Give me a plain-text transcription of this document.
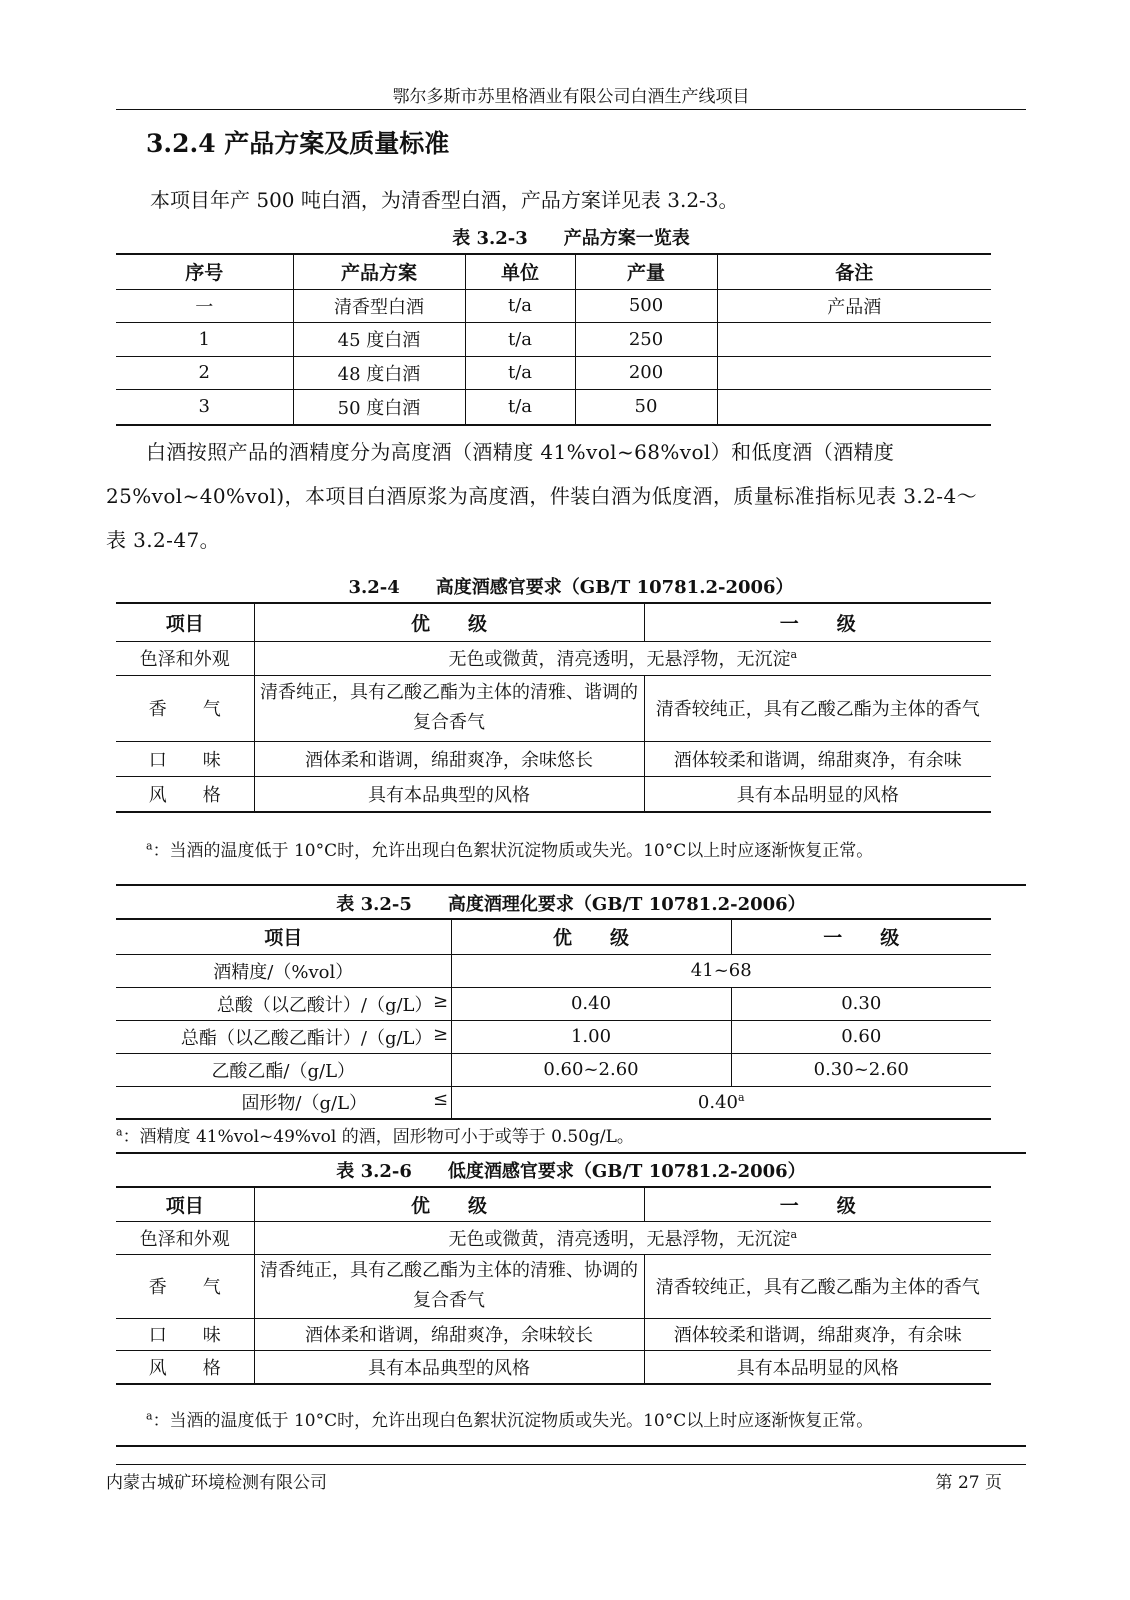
鄂尔多斯市苏里格酒业有限公司白酒生产线项目
3.2.4 产品方案及质量标准
本项目年产 500 吨白酒，为清香型白酒，产品方案详见表 3.2-3。
表 3.2-3 产品方案一览表
序号	产品方案	单位	产量	备注
一	清香型白酒	t/a	500	产品酒
1	45 度白酒	t/a	250	
2	48 度白酒	t/a	200	
3	50 度白酒	t/a	50	
白酒按照产品的酒精度分为高度酒（酒精度 41%vol~68%vol）和低度酒（酒精度
25%vol~40%vol)，本项目白酒原浆为高度酒，件装白酒为低度酒，质量标准指标见表 3.2-4～
表 3.2-47。
3.2-4 高度酒感官要求（GB/T 10781.2-2006）
项目	优　　级	一　　级
色泽和外观	无色或微黄，清亮透明，无悬浮物，无沉淀$^a$
香　　气	清香纯正，具有乙酸乙酯为主体的清雅、谐调的复合香气	清香较纯正，具有乙酸乙酯为主体的香气
口　　味	酒体柔和谐调，绵甜爽净，余味悠长	酒体较柔和谐调，绵甜爽净，有余味
风　　格	具有本品典型的风格	具有本品明显的风格
$^a$：当酒的温度低于 10°C时，允许出现白色絮状沉淀物质或失光。10°C以上时应逐渐恢复正常。
表 3.2-5 高度酒理化要求（GB/T 10781.2-2006）
项目	优　　级	一　　级
酒精度/（%vol）	41~68	

≥
总酸（以乙酸计）/（g/L）	0.40	0.30

≥
总酯（以乙酸乙酯计）/（g/L）	1.00	0.60
乙酸乙酯/（g/L）	0.60~2.60	0.30~2.60

≤
固形物/（g/L）	0.40$^a$
$^a$：酒精度 41%vol~49%vol 的酒，固形物可小于或等于 0.50g/L。
表 3.2-6 低度酒感官要求（GB/T 10781.2-2006）
项目	优　　级	一　　级
色泽和外观	无色或微黄，清亮透明，无悬浮物，无沉淀$^a$
香　　气	清香纯正，具有乙酸乙酯为主体的清雅、协调的复合香气	清香较纯正，具有乙酸乙酯为主体的香气
口　　味	酒体柔和谐调，绵甜爽净，余味较长	酒体较柔和谐调，绵甜爽净，有余味
风　　格	具有本品典型的风格	具有本品明显的风格
$^a$：当酒的温度低于 10°C时，允许出现白色絮状沉淀物质或失光。10°C以上时应逐渐恢复正常。
内蒙古城矿环境检测有限公司	第 27 页
